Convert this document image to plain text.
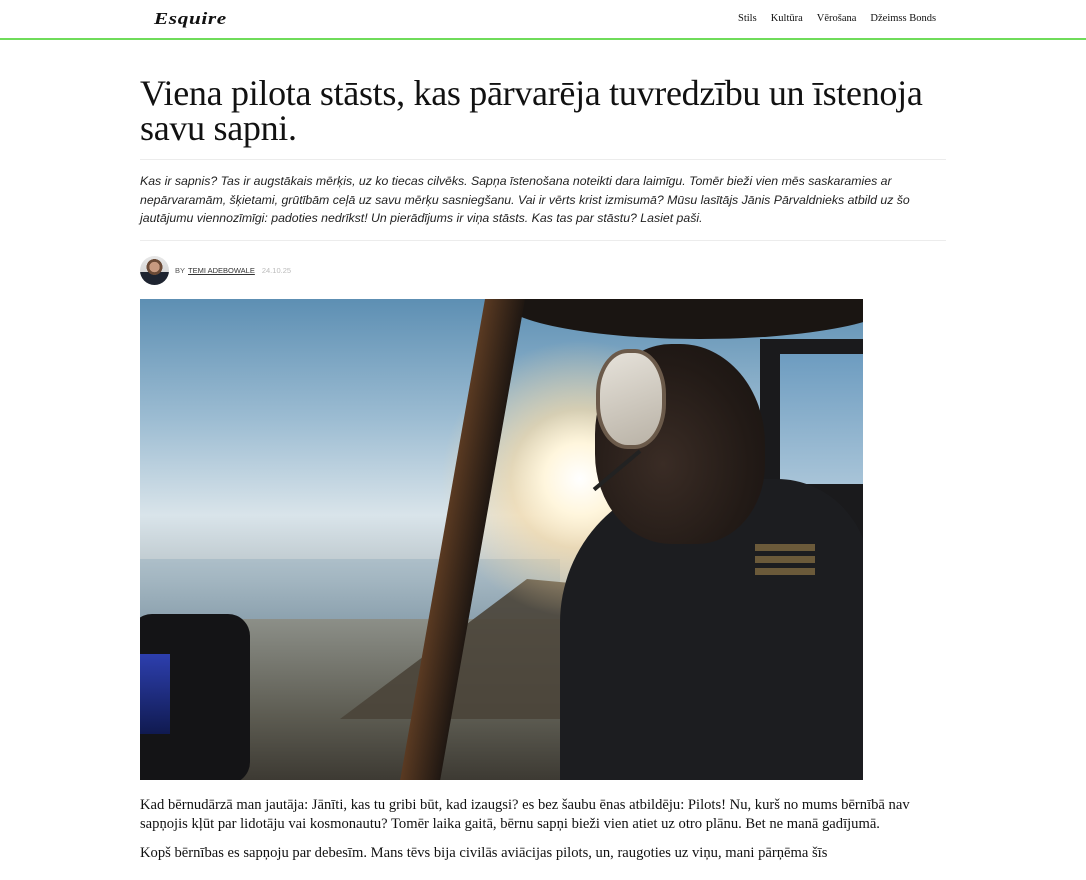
Esquire	Stils Kultūra Vērošana Džeimss Bonds
Viena pilota stāsts, kas pārvarēja tuvredzību un īstenoja savu sapni.

Kas ir sapnis? Tas ir augstākais mērķis, uz ko tiecas cilvēks. Sapņa īstenošana noteikti dara laimīgu. Tomēr bieži vien mēs saskaramies ar nepārvaramām, šķietami, grūtībām ceļā uz savu mērķu sasniegšanu. Vai ir vērts krist izmisumā? Mūsu lasītājs Jānis Pārvaldnieks atbild uz šo jautājumu viennozīmīgi: padoties nedrīkst! Un pierādījums ir viņa stāsts. Kas tas par stāstu? Lasiet paši.

BY TEMI ADEBOWALE 24.10.25

Kad bērnudārzā man jautāja: Jānīti, kas tu gribi būt, kad izaugsi? es bez šaubu ēnas atbildēju: Pilots! Nu, kurš no mums bērnībā nav sapņojis kļūt par lidotāju vai kosmonautu? Tomēr laika gaitā, bērnu sapņi bieži vien atiet uz otro plānu. Bet ne manā gadījumā.

Kopš bērnības es sapņoju par debesīm. Mans tēvs bija civilās aviācijas pilots, un, raugoties uz viņu, mani pārņēma šīs
